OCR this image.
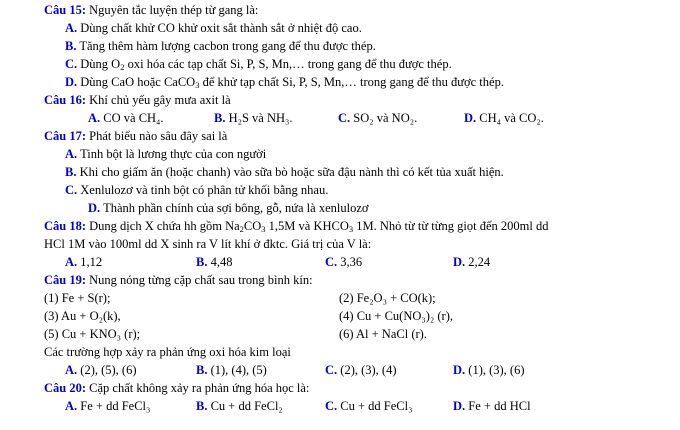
Câu 15: Nguyên tắc luyện thép từ gang là:
A. Dùng chất khử CO khử oxit sắt thành sắt ở nhiệt độ cao.
B. Tăng thêm hàm lượng cacbon trong gang để thu được thép.
C. Dùng $O_2$ oxi hóa các tạp chất Si, P, S, Mn,… trong gang để thu được thép.
D. Dùng CaO hoặc CaCO$_3$ để khử tạp chất Si, P, S, Mn,… trong gang để thu được thép.
Câu 16: Khí chủ yếu gây mưa axit là
A. CO và CH₄.	B. H₂S và NH₃.	C. SO₂ và NO₂.	D. CH₄ và CO₂.
Câu 17: Phát biểu nào sâu đây sai là
A. Tinh bột là lương thực của con người
B. Khi cho giấm ăn (hoặc chanh) vào sữa bò hoặc sữa đậu nành thì có kết tủa xuất hiện.
C. Xenlulozơ và tinh bột có phân tử khối bằng nhau.
D. Thành phần chính của sợi bông, gỗ, nứa là xenlulozơ
Câu 18: Dung dịch X chứa hh gồm $Na_2CO_3$ 1,5M và $KHCO_3$ 1M. Nhỏ từ từ từng giọt đến 200ml dd
HCl 1M vào 100ml dd X sinh ra V lít khí ở đktc. Giá trị của V là:
A. 1,12	B. 4,48	C. 3,36	D. 2,24
Câu 19: Nung nóng từng cặp chất sau trong bình kín:
(1) Fe + S(r);	(2) Fe₂O₃ + CO(k);
(3) Au + O₂(k),	(4) Cu + Cu(NO₃)₂ (r),
(5) Cu + KNO₃ (r);	(6) Al + NaCl (r).
Các trường hợp xảy ra phản ứng oxi hóa kim loại
A. (2), (5), (6)	B. (1), (4), (5)	C. (2), (3), (4)	D. (1), (3), (6)
Câu 20: Cặp chất không xảy ra phản ứng hóa học là:
A. Fe + dd FeCl₃	B. Cu + dd FeCl₂	C. Cu + dd FeCl₃	D. Fe + dd HCl
